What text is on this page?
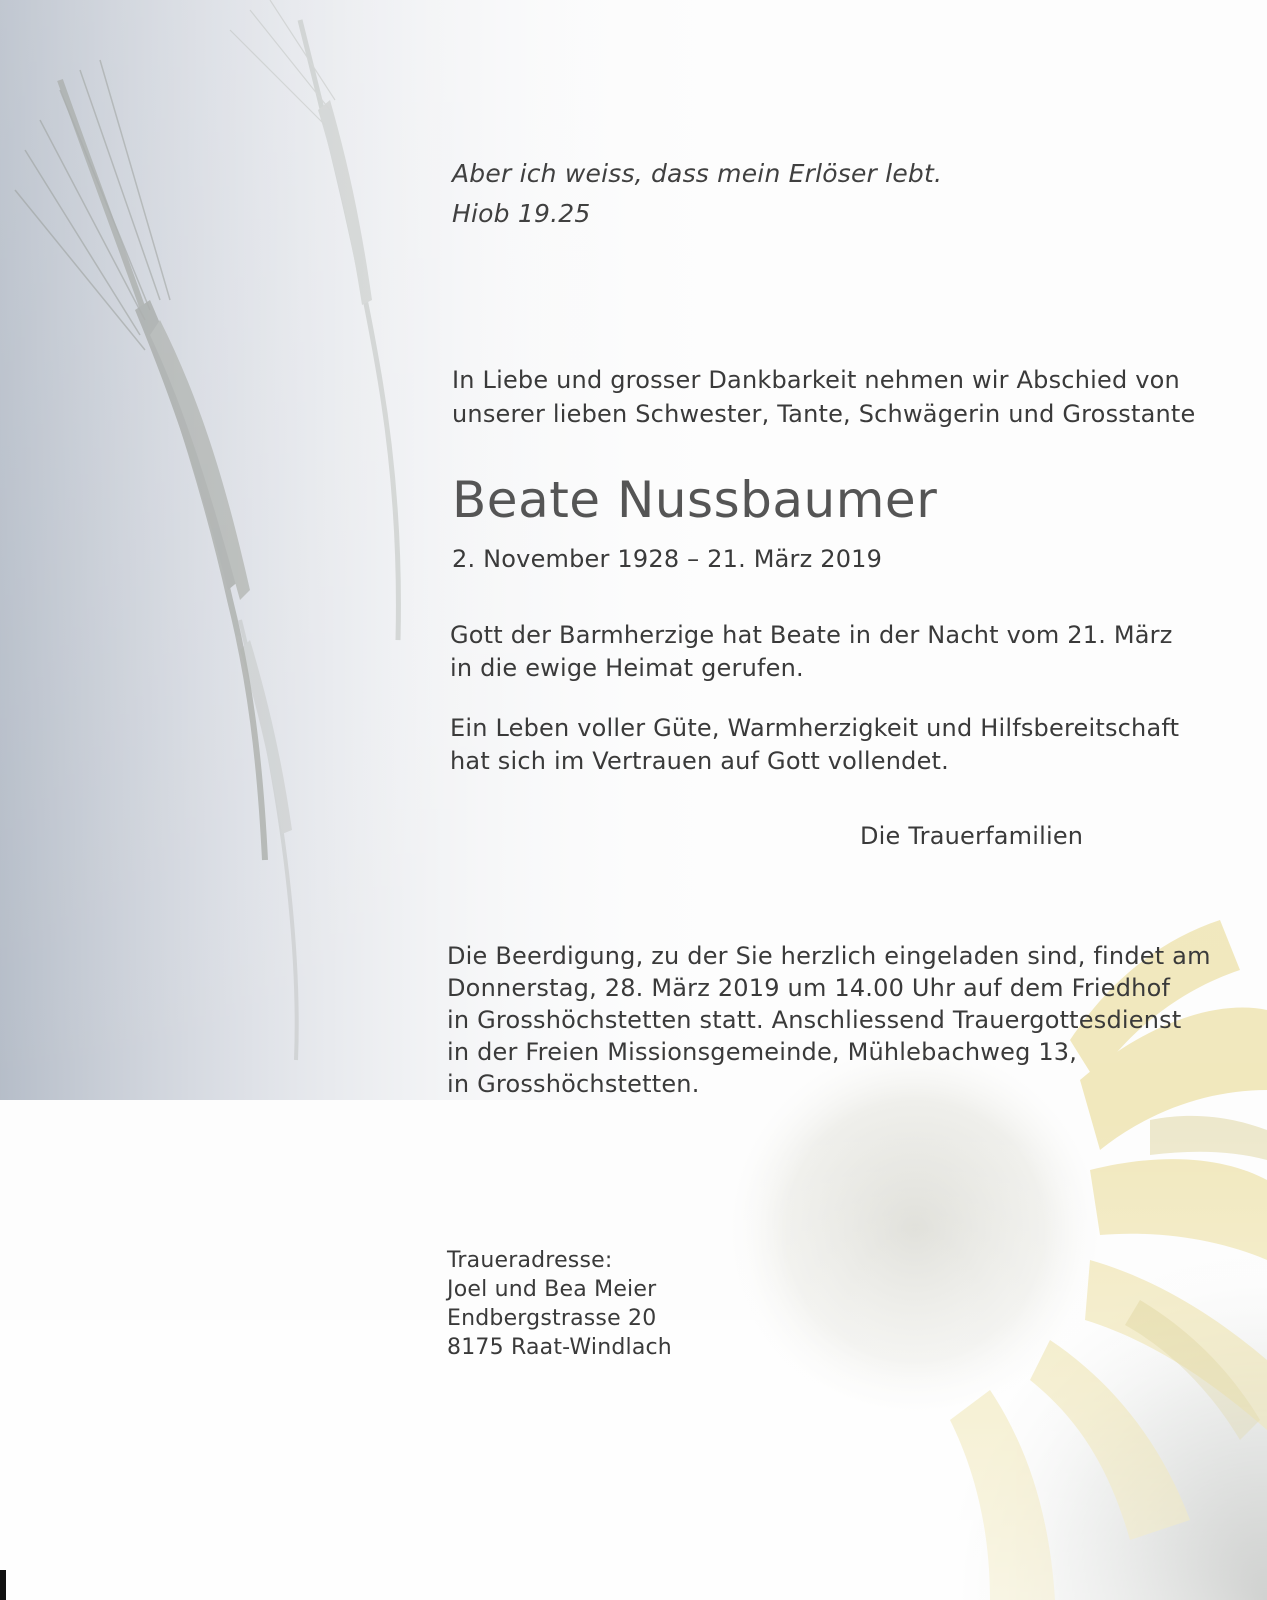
Aber ich weiss, dass mein Erlöser lebt.
Hiob 19.25
In Liebe und grosser Dankbarkeit nehmen wir Abschied von
unserer lieben Schwester, Tante, Schwägerin und Grosstante
Beate Nussbaumer
2. November 1928 – 21. März 2019
Gott der Barmherzige hat Beate in der Nacht vom 21. März
in die ewige Heimat gerufen.
Ein Leben voller Güte, Warmherzigkeit und Hilfsbereitschaft
hat sich im Vertrauen auf Gott vollendet.
Die Trauerfamilien
Die Beerdigung, zu der Sie herzlich eingeladen sind, findet am
Donnerstag, 28. März 2019 um 14.00 Uhr auf dem Friedhof
in Grosshöchstetten statt. Anschliessend Trauergottesdienst
in der Freien Missionsgemeinde, Mühlebachweg 13,
in Grosshöchstetten.
Traueradresse:
Joel und Bea Meier
Endbergstrasse 20
8175 Raat-Windlach
